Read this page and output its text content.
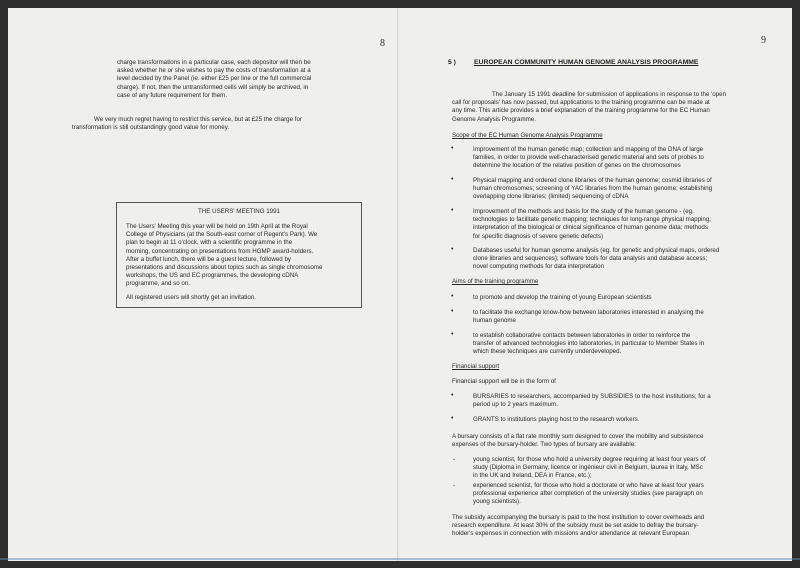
8
charge transformations in a particular case, each depositor will then be
asked whether he or she wishes to pay the costs of transformation at a
level decided by the Panel (ie. either £25 per line or the full commercial
charge). If not, then the untransformed cells will simply be archived, in
case of any future requirement for them.
We very much regret having to restrict this service, but at £25 the charge for
transformation is still outstandingly good value for money.
THE USERS' MEETING 1991
The Users' Meeting this year will be held on 19th April at the Royal
College of Physicians (at the South-east corner of Regent's Park). We
plan to begin at 11 o'clock, with a scientific programme in the
morning, concentrating on presentations from HGMP award-holders.
After a buffet lunch, there will be a guest lecture, followed by
presentations and discussions about topics such as single chromosome
workshops, the US and EC programmes, the developing cDNA
programme, and so on.
All registered users will shortly get an invitation.
9
5 )	EUROPEAN COMMUNITY HUMAN GENOME ANALYSIS PROGRAMME
The January 15 1991 deadline for submission of applications in response to the 'open
call for proposals' has now passed, but applications to the training programme can be made at
any time. This article provides a brief explanation of the training programme for the EC Human
Genome Analysis Programme.
Scope of the EC Human Genome Analysis Programme
•	Improvement of the human genetic map; collection and mapping of the DNA of large
families, in order to provide well-characterised genetic material and sets of probes to
determine the location of the relative position of genes on the chromosomes
•	Physical mapping and ordered clone libraries of the human genome; cosmid libraries of
human chromosomes; screening of YAC libraries from the human genome; establishing
overlapping clone libraries; (limited) sequencing of cDNA
•	Improvement of the methods and basis for the study of the human genome - (eg.
technologies to facilitate genetic mapping; techniques for long-range physical mapping;
interpretation of the biological or clinical significance of human genome data; methods
for specific diagnosis of severe genetic defects)
•	Databases useful for human genome analysis (eg. for genetic and physical maps, ordered
clone libraries and sequences); software tools for data analysis and database access;
novel computing methods for data interpretation
Aims of the training programme
•	to promote and develop the training of young European scientists
•	to facilitate the exchange know-how between laboratories interested in analysing the
human genome
•	to establish collaborative contacts between laboratories in order to reinforce the
transfer of advanced technologies into laboratories, in particular to Member States in
which these techniques are currently underdeveloped.
Financial support
Financial support will be in the form of
•	BURSARIES to researchers, accompanied by SUBSIDIES to the host institutions; for a
period up to 2 years maximum.
•	GRANTS to institutions playing host to the research workers.
A bursary consists of a flat rate monthly sum designed to cover the mobility and subsistence
expenses of the bursary-holder. Two types of bursary are available:
-	young scientist, for those who hold a university degree requiring at least four years of
study (Diploma in Germany, licence or ingénieur civil in Belgium, laurea in Italy, MSc
in the UK and Ireland, DEA in France, etc.);
-	experienced scientist, for those who hold a doctorate or who have at least four years
professional experience after completion of the university studies (see paragraph on
young scientists).
The subsidy accompanying the bursary is paid to the host institution to cover overheads and
research expenditure. At least 30% of the subsidy must be set aside to defray the bursary-
holder's expenses in connection with missions and/or attendance at relevant European
